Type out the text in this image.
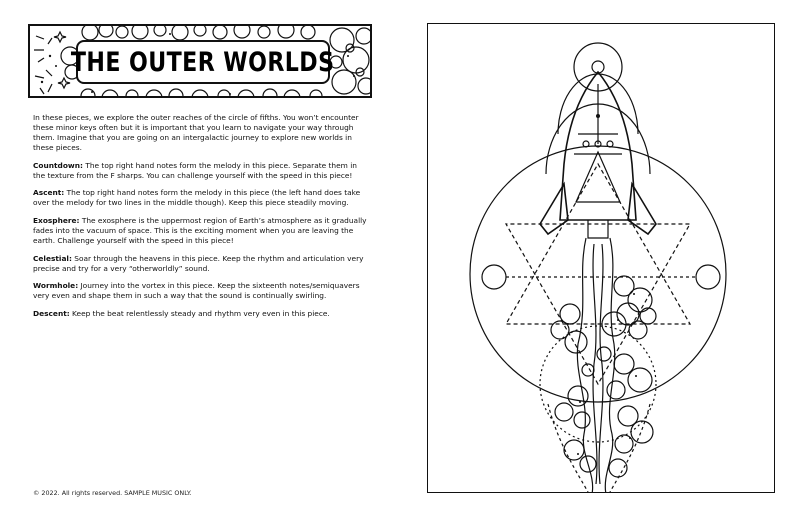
THE OUTER WORLDS

In these pieces, we explore the outer reaches of the circle of fifths. You won’t encounter these minor keys often but it is important that you learn to navigate your way through them. Imagine that you are going on an intergalactic journey to explore new worlds in these pieces.

Countdown: The top right hand notes form the melody in this piece. Separate them in the texture from the F sharps. You can challenge yourself with the speed in this piece!

Ascent: The top right hand notes form the melody in this piece (the left hand does take over the melody for two lines in the middle though). Keep this piece steadily moving.

Exosphere: The exosphere is the uppermost region of Earth’s atmosphere as it gradually fades into the vacuum of space. This is the exciting moment when you are leaving the earth. Challenge yourself with the speed in this piece!

Celestial: Soar through the heavens in this piece. Keep the rhythm and articulation very precise and try for a very “otherworldly” sound.

Wormhole: Journey into the vortex in this piece. Keep the sixteenth notes/semiquavers very even and shape them in such a way that the sound is continually swirling.

Descent: Keep the beat relentlessly steady and rhythm very even in this piece.

© 2022. All rights reserved. SAMPLE MUSIC ONLY.
